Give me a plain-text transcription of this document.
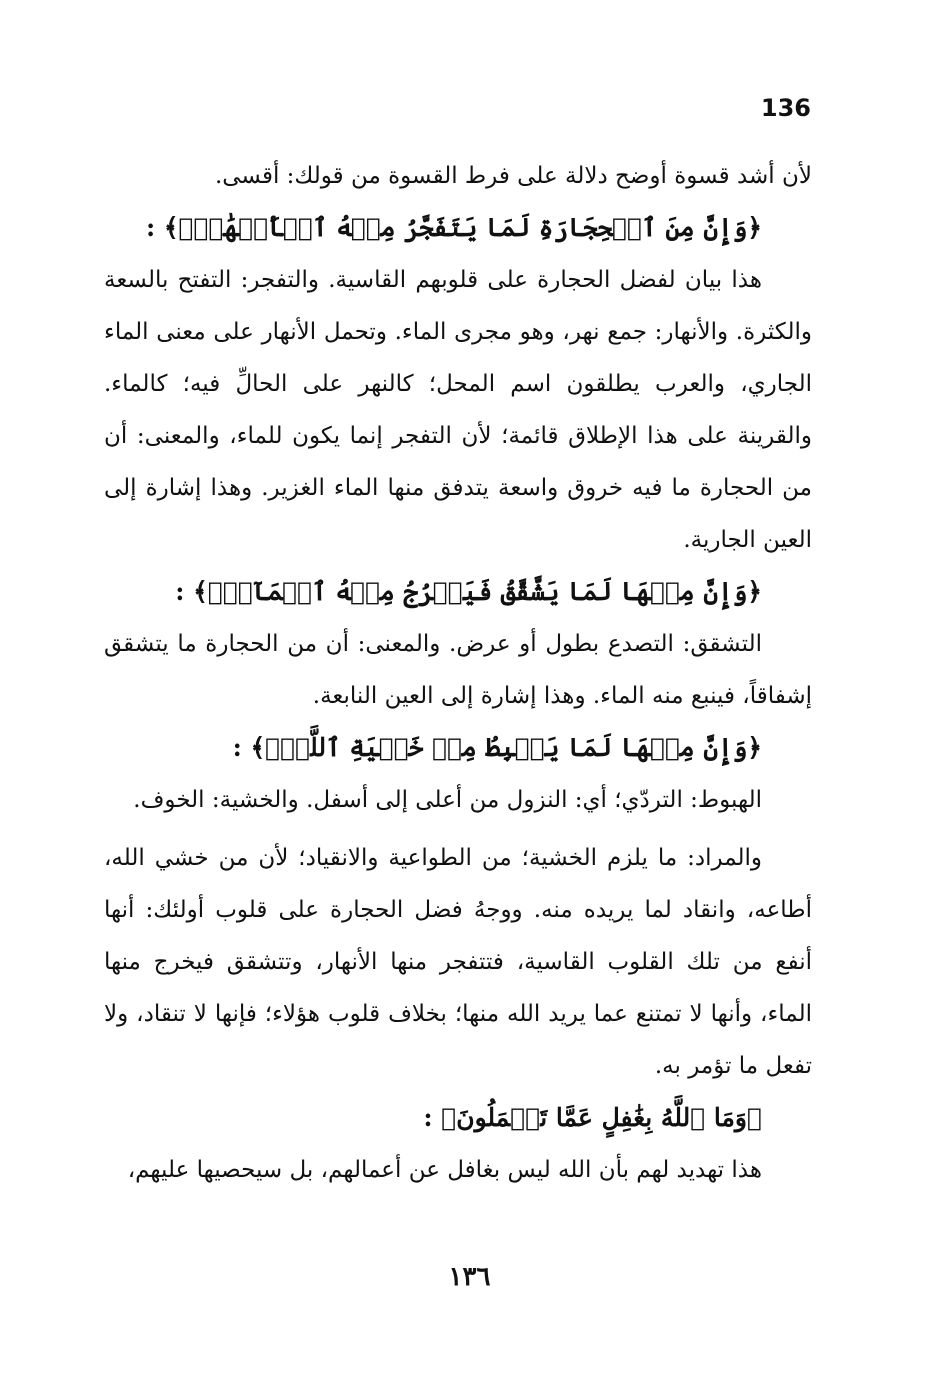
136

لأن أشد قسوة أوضح دلالة على فرط القسوة من قولك: أقسى.

﴿وَإِنَّ مِنَ ٱلۡحِجَارَةِ لَمَا يَتَفَجَّرُ مِنۡهُ ٱلۡأَنۡهَٰرُۚ﴾ :

هذا بيان لفضل الحجارة على قلوبهم القاسية. والتفجر: التفتح بالسعة والكثرة. والأنهار: جمع نهر، وهو مجرى الماء. وتحمل الأنهار على معنى الماء الجاري، والعرب يطلقون اسم المحل؛ كالنهر على الحالِّ فيه؛ كالماء. والقرينة على هذا الإطلاق قائمة؛ لأن التفجر إنما يكون للماء، والمعنى: أن من الحجارة ما فيه خروق واسعة يتدفق منها الماء الغزير. وهذا إشارة إلى العين الجارية.

﴿وَإِنَّ مِنۡهَا لَمَا يَشَّقَّقُ فَيَخۡرُجُ مِنۡهُ ٱلۡمَآءُۚ﴾ :

التشقق: التصدع بطول أو عرض. والمعنى: أن من الحجارة ما يتشقق إشفاقاً، فينبع منه الماء. وهذا إشارة إلى العين النابعة.

﴿وَإِنَّ مِنۡهَا لَمَا يَهۡبِطُ مِنۡ خَشۡيَةِ ٱللَّهِۗ﴾ :

الهبوط: التردّي؛ أي: النزول من أعلى إلى أسفل. والخشية: الخوف.

والمراد: ما يلزم الخشية؛ من الطواعية والانقياد؛ لأن من خشي الله، أطاعه، وانقاد لما يريده منه. ووجهُ فضل الحجارة على قلوب أولئك: أنها أنفع من تلك القلوب القاسية، فتتفجر منها الأنهار، وتتشقق فيخرج منها الماء، وأنها لا تمتنع عما يريد الله منها؛ بخلاف قلوب هؤلاء؛ فإنها لا تنقاد، ولا تفعل ما تؤمر به.

﴿وَمَا ٱللَّهُ بِغَٰفِلٍ عَمَّا تَعۡمَلُونَ﴾ :

هذا تهديد لهم بأن الله ليس بغافل عن أعمالهم، بل سيحصيها عليهم،

١٣٦
